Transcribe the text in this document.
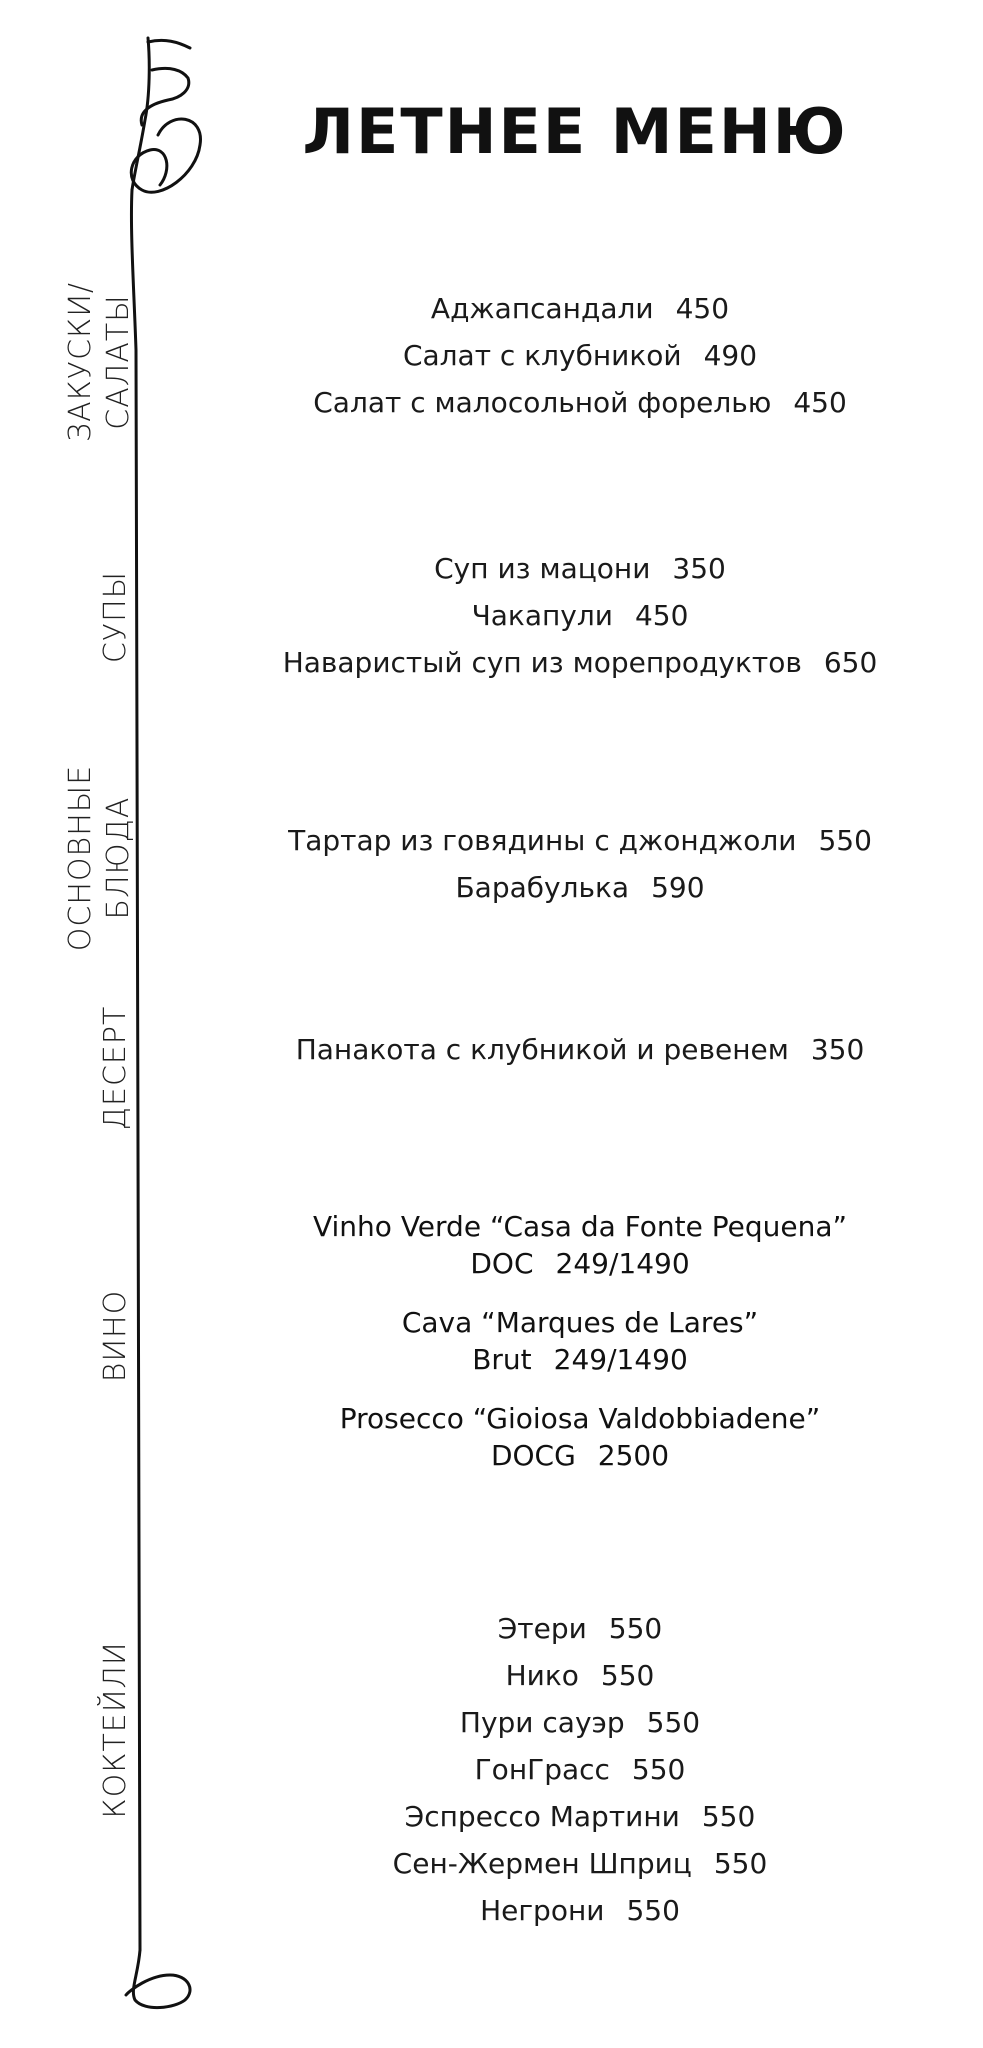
ЛЕТНЕЕ МЕНЮ
ЗАКУСКИ/ САЛАТЫ
СУПЫ
ОСНОВНЫЕ БЛЮДА
ДЕСЕРТ
ВИНО
КОКТЕЙЛИ
Аджапсандали 450
Салат с клубникой 490
Салат с малосольной форелью 450
Суп из мацони 350
Чакапули 450
Наваристый суп из морепродуктов 650
Тартар из говядины с джонджоли 550
Барабулька 590
Панакота с клубникой и ревенем 350
Vinho Verde “Casa da Fonte Pequena”
DOC 249/1490
Cava “Marques de Lares”
Brut 249/1490
Prosecco “Gioiosa Valdobbiadene”
DOCG 2500
Этери 550
Нико 550
Пури сауэр 550
ГонГрасс 550
Эспрессо Мартини 550
Сен-Жермен Шприц 550
Негрони 550
